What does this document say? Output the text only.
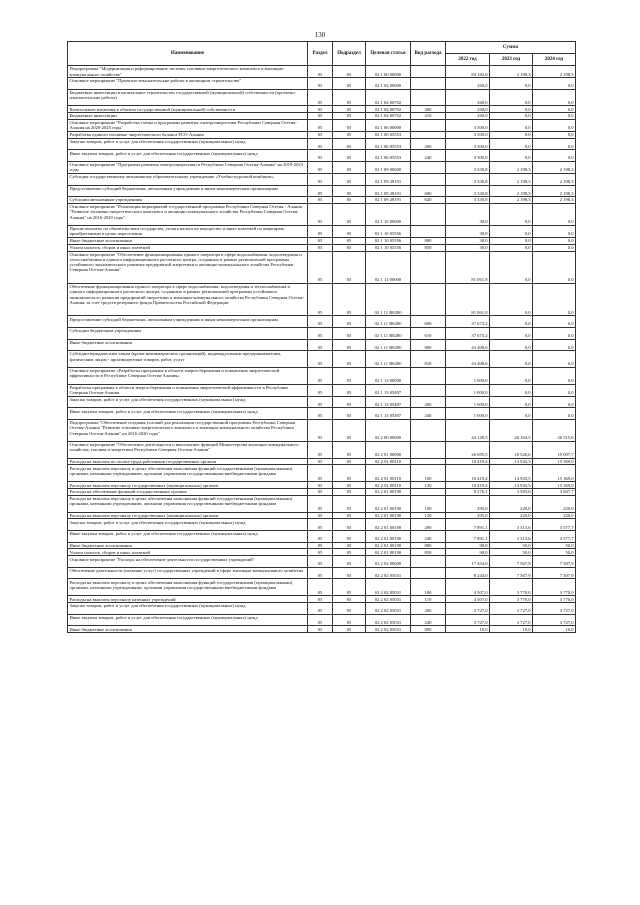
130
Наименование	Раздел	Подраздел	Целевая статья	Вид расхода	Сумма		
					2022 год	2023 год	2024 год
Подпрограмма "Модернизация и реформирование системы топливно-энергетического комплекса и жилищно-коммунального хозяйства"	05	05	02 1 00 00000		84 182,6	2 198,3	2 198,3
Основное мероприятие "Проектно-изыскательские работы в жилищном строительстве"	05	05	02 1 04 00000		260,0	0,0	0,0
Бюджетные инвестиции в капитальное строительство государственной (муниципальной) собственности (проектно-изыскательские работы)	05	05	02 1 04 00702		260,0	0,0	0,0
Капитальные вложения в объекты государственной (муниципальной) собственности	05	05	02 1 04 00702	400	260,0	0,0	0,0
Бюджетные инвестиции	05	05	02 1 04 00702	410	260,0	0,0	0,0
Основное мероприятие "Разработка схемы и программы развития электроэнергетики Республики Северная Осетия-Алания на 2020-2025 годы"	05	05	02 1 06 00000		3 500,0	0,0	0,0
Разработка единого топливно-энергетического баланса РСО-Алания	05	05	02 1 06 05553		3 500,0	0,0	0,0
Закупка товаров, работ и услуг для обеспечения государственных (муниципальных) нужд	05	05	02 1 06 05553	200	3 500,0	0,0	0,0
Иные закупки товаров, работ и услуг для обеспечения государственных (муниципальных) нужд	05	05	02 1 06 05553	240	3 500,0	0,0	0,0
Основное мероприятие "Программа развития электроэнергетики в Республике Северная Осетия-Алания" на 2019-2023 годы	05	05	02 1 09 00000		3 330,8	2 198,3	2 198,3
Субсидия государственному автономному образовательному учреждению «Учебно-курсовой комбинат»	05	05	02 1 09 28191		3 330,8	2 198,3	2 198,3
Предоставление субсидий бюджетным, автономным учреждениям и иным некоммерческим организациям	05	05	02 1 09 28191	600	3 330,8	2 198,3	2 198,3
Субсидии автономным учреждениям	05	05	02 1 09 28191	620	3 330,8	2 198,3	2 198,3
Основное мероприятие "Реализация мероприятий государственной программы Республики Северная Осетия - Алания "Развитие топливно-энергетического комплекса и жилищно-коммунального хозяйства Республики Северная Осетия-Алания" на 2016-2020 годы"	05	05	02 1 10 00000		30,0	0,0	0,0
Прочие выплаты по обязательствам государства, уплата налога на имущество и иных платежей по квартирам, приобретенным в целях переселения	05	05	02 1 10 05556		30,0	0,0	0,0
Иные бюджетные ассигнования	05	05	02 1 10 05556	800	30,0	0,0	0,0
Уплата налогов, сборов и иных платежей	05	05	02 1 10 05556	850	30,0	0,0	0,0
Основное мероприятие "Обеспечение функционирования единого оператора в сфере водоснабжения, водоотведения и теплоснабжения и единого информационного расчетного центра, созданных в рамках региональной программы устойчивого экономического развития предприятий энергетики и жилищно-коммунального хозяйства Республики Северная Осетия-Алания"	05	05	02 1 11 00000		81 061,8	0,0	0,0
Обеспечение функционирования единого оператора в сфере водоснабжения, водоотведения и теплоснабжения и единого информационного расчетного центра, созданных в рамках региональной программы устойчивого экономического развития предприятий энергетики и жилищно-коммунального хозяйства Республики Северная Осетия-Алания, за счет средств резервного фонда Правительства Российской Федерации	05	05	02 1 11 R8280		81 061,8	0,0	0,0
Предоставление субсидий бюджетным, автономным учреждениям и иным некоммерческим организациям	05	05	02 1 11 R8280	600	37 673,2	0,0	0,0
Субсидии бюджетным учреждениям	05	05	02 1 11 R8280	610	37 673,2	0,0	0,0
Иные бюджетные ассигнования	05	05	02 1 11 R8280	800	43 408,6	0,0	0,0
Субсидии юридическим лицам (кроме некоммерческих организаций), индивидуальным предпринимателям, физическим лицам - производителям товаров, работ, услуг	05	05	02 1 11 R8280	810	43 408,6	0,0	0,0
Основное мероприятие «Разработка программы в области энергосбережения и повышения энергетической эффективности в Республике Северная Осетия-Алания»	05	05	02 1 13 00000		1 000,0	0,0	0,0
Разработка программы в области энергосбережения и повышения энергетической эффективности в Республике Северная Осетия-Алания	05	05	02 1 13 05497		1 000,0	0,0	0,0
Закупка товаров, работ и услуг для обеспечения государственных (муниципальных) нужд	05	05	02 1 13 05497	200	1 000,0	0,0	0,0
Иные закупки товаров, работ и услуг для обеспечения государственных (муниципальных) нужд	05	05	02 1 13 05497	240	1 000,0	0,0	0,0
Подпрограмма "Обеспечение создания условий для реализации государственной программы Республики Северная Осетия-Алания "Развитие топливно-энергетического комплекса и жилищно-коммунального хозяйства Республики Северная Осетия-Алания" на 2016-2020 годы"	05	05	02 2 00 00000		44 149,5	26 104,5	26 515,6
Основное мероприятие "Обеспечение деятельности и выполнение функций Министерства жилищно-коммунального хозяйства, топлива и энергетики Республики Северная Осетия-Алания"	05	05	02 2 01 00000		26 695,5	18 526,6	19 007,7
Расходы на выплаты по оплате труда работников государственных органов	05	05	02 2 01 00110		18 419,4	14 943,5	15 369,0
Расходы на выплаты персоналу в целях обеспечения выполнения функций государственными (муниципальными) органами, казенными учреждениями, органами управления государственными внебюджетными фондами	05	05	02 2 01 00110	100	18 419,4	14 943,5	15 369,0
Расходы на выплаты персоналу государственных (муниципальных) органов	05	05	02 2 01 00110	120	18 419,4	14 943,5	15 369,0
Расходы на обеспечение функций государственных органов	05	05	02 2 01 00190		8 276,1	3 583,6	3 847,7
Расходы на выплаты персоналу в целях обеспечения выполнения функций государственными (муниципальными) органами, казенными учреждениями, органами управления государственными внебюджетными фондами	05	05	02 2 01 00190	100	295,0	220,0	220,0
Расходы на выплаты персоналу государственных (муниципальных) органов	05	05	02 2 01 00190	120	295,0	220,0	220,0
Закупка товаров, работ и услуг для обеспечения государственных (муниципальных) нужд	05	05	02 2 01 00190	200	7 891,1	3 313,6	3 577,7
Иные закупки товаров, работ и услуг для обеспечения государственных (муниципальных) нужд	05	05	02 2 01 00190	240	7 891,1	3 313,6	3 577,7
Иные бюджетные ассигнования	05	05	02 2 01 00190	800	90,0	50,0	50,0
Уплата налогов, сборов и иных платежей	05	05	02 2 01 00190	850	90,0	50,0	50,0
Основное мероприятие "Расходы на обеспечение деятельности государственных учреждений"	05	05	02 2 02 00000		17 454,0	7 567,9	7 507,9
Обеспечение деятельности (оказание услуг) государственных учреждений в сфере жилищно-коммунального хозяйства	05	05	02 2 02 05031		8 244,0	7 567,9	7 507,9
Расходы на выплаты персоналу в целях обеспечения выполнения функций государственными (муниципальными) органами, казенными учреждениями, органами управления государственными внебюджетными фондами	05	05	02 2 02 05031	100	4 507,0	3 770,0	3 770,0
Расходы на выплаты персоналу казенных учреждений	05	05	02 2 02 05031	110	4 507,0	3 770,0	3 770,0
Закупка товаров, работ и услуг для обеспечения государственных (муниципальных) нужд	05	05	02 2 02 05031	200	3 727,0	3 727,0	3 727,0
Иные закупки товаров, работ и услуг для обеспечения государственных (муниципальных) нужд	05	05	02 2 02 05031	240	3 727,0	3 727,0	3 727,0
Иные бюджетные ассигнования	05	05	02 2 02 05031	800	10,0	10,0	10,0
